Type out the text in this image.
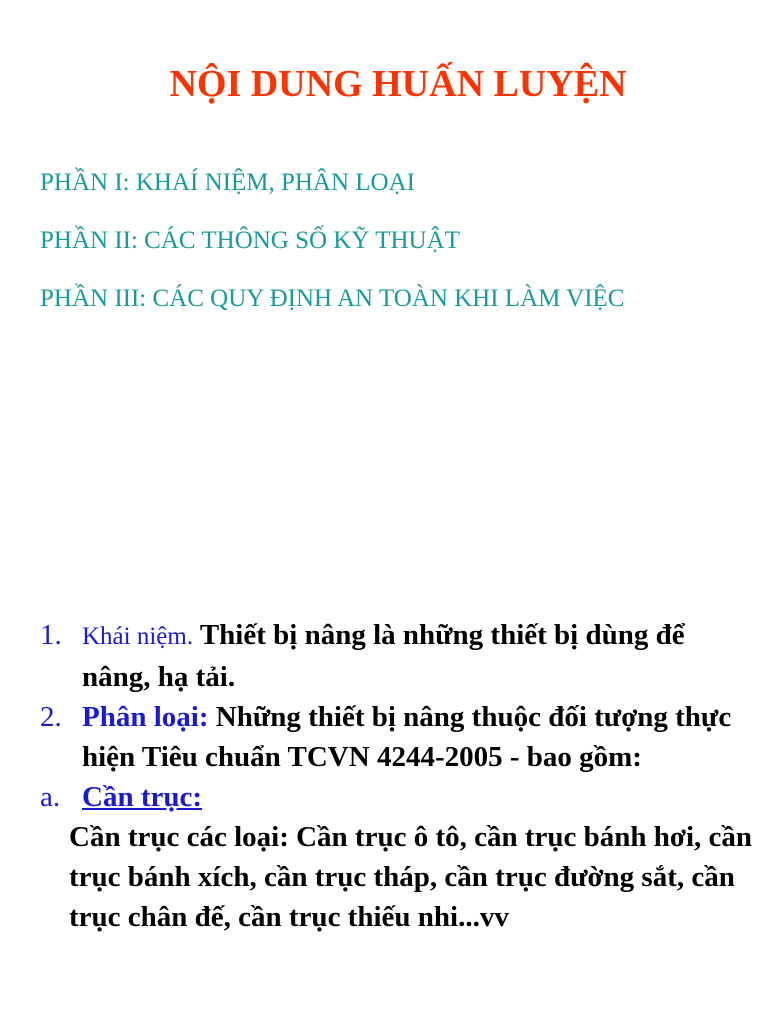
NỘI DUNG HUẤN LUYỆN
PHẦN I: KHAÍ NIỆM, PHÂN LOẠI
PHẦN II: CÁC THÔNG SỐ KỸ THUẬT
PHẦN III: CÁC QUY ĐỊNH AN TOÀN KHI LÀM VIỆC
1. Khái niệm. Thiết bị nâng là những thiết bị dùng để nâng, hạ tải.
2. Phân loại: Những thiết bị nâng thuộc đối tượng thực hiện Tiêu chuẩn TCVN 4244-2005 - bao gồm:
a. Cần trục:
Cần trục các loại: Cần trục ô tô, cần trục bánh hơi, cần trục bánh xích, cần trục tháp, cần trục đường sắt, cần trục chân đế, cần trục thiếu nhi...vv
